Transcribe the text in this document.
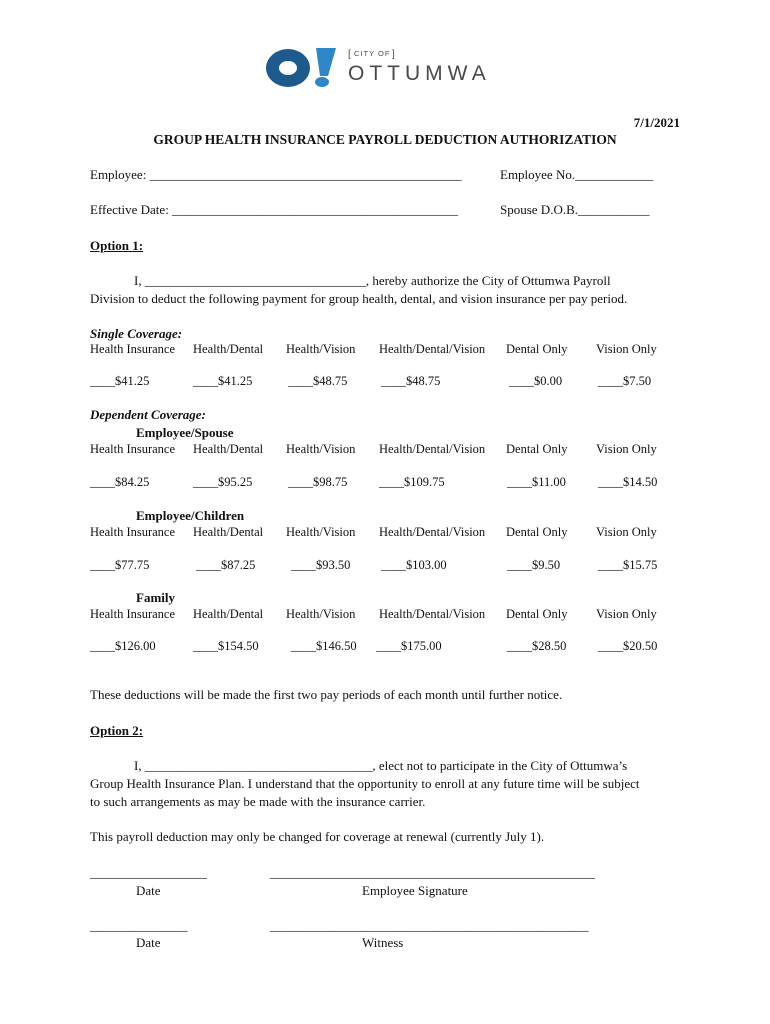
CITY OF
[	]
OTTUMWA
7/1/2021
GROUP HEALTH INSURANCE PAYROLL DEDUCTION AUTHORIZATION
Employee: ________________________________________________	Employee No.____________
Effective Date: ____________________________________________	Spouse D.O.B.___________
Option 1:
I, __________________________________, hereby authorize the City of Ottumwa Payroll
Division to deduct the following payment for group health, dental, and vision insurance per pay period.
Single Coverage:
Health Insurance Health/Dental Health/Vision Health/Dental/Vision Dental Only Vision Only
____$41.25	____$41.25	____$48.75	____$48.75	____$0.00	____$7.50
Dependent Coverage:
Employee/Spouse
Health Insurance Health/Dental Health/Vision Health/Dental/Vision Dental Only Vision Only
____$84.25	____$95.25	____$98.75	____$109.75	____$11.00	____$14.50
Employee/Children
Health Insurance Health/Dental Health/Vision Health/Dental/Vision Dental Only Vision Only
____$77.75	____$87.25	____$93.50 ____$103.00	____$9.50	____$15.75
Family
Health Insurance Health/Dental Health/Vision Health/Dental/Vision Dental Only Vision Only
____$126.00	____$154.50	____$146.50 ____$175.00	____$28.50	____$20.50
These deductions will be made the first two pay periods of each month until further notice.
Option 2:
I, ___________________________________, elect not to participate in the City of Ottumwa’s
Group Health Insurance Plan. I understand that the opportunity to enroll at any future time will be subject
to such arrangements as may be made with the insurance carrier.
This payroll deduction may only be changed for coverage at renewal (currently July 1).
__________________	__________________________________________________
Date	Employee Signature
_______________	_________________________________________________
Date	Witness
